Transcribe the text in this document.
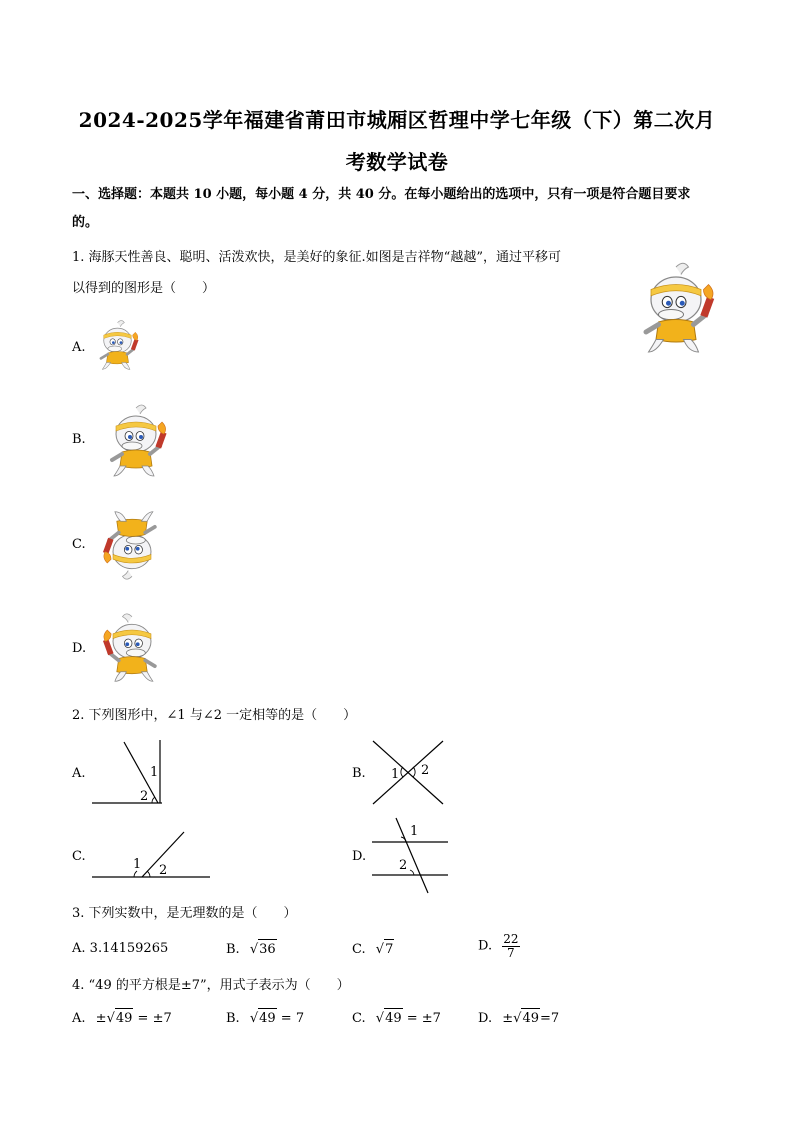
2024-2025学年福建省莆田市城厢区哲理中学七年级（下）第二次月
考数学试卷
一、选择题：本题共 10 小题，每小题 4 分，共 40 分。在每小题给出的选项中，只有一项是符合题目要求
的。
1. 海豚天性善良、聪明、活泼欢快，是美好的象征.如图是吉祥物“越越”，通过平移可
以得到的图形是（　　）
A.
B.
C.
D.
2. 下列图形中，∠1 与∠2 一定相等的是（　　）
A.	1
2
B. 1 2
C.
1 2
D.
1
2
3. 下列实数中，是无理数的是（　　）
A. 3.14159265	B. √36	C. √7	D. $\frac{22}{7}$
4. “49 的平方根是±7”，用式子表示为（　　）
A. ±√49 = ±7	B. √49 = 7	C. √49 = ±7	D. ±√49=7
